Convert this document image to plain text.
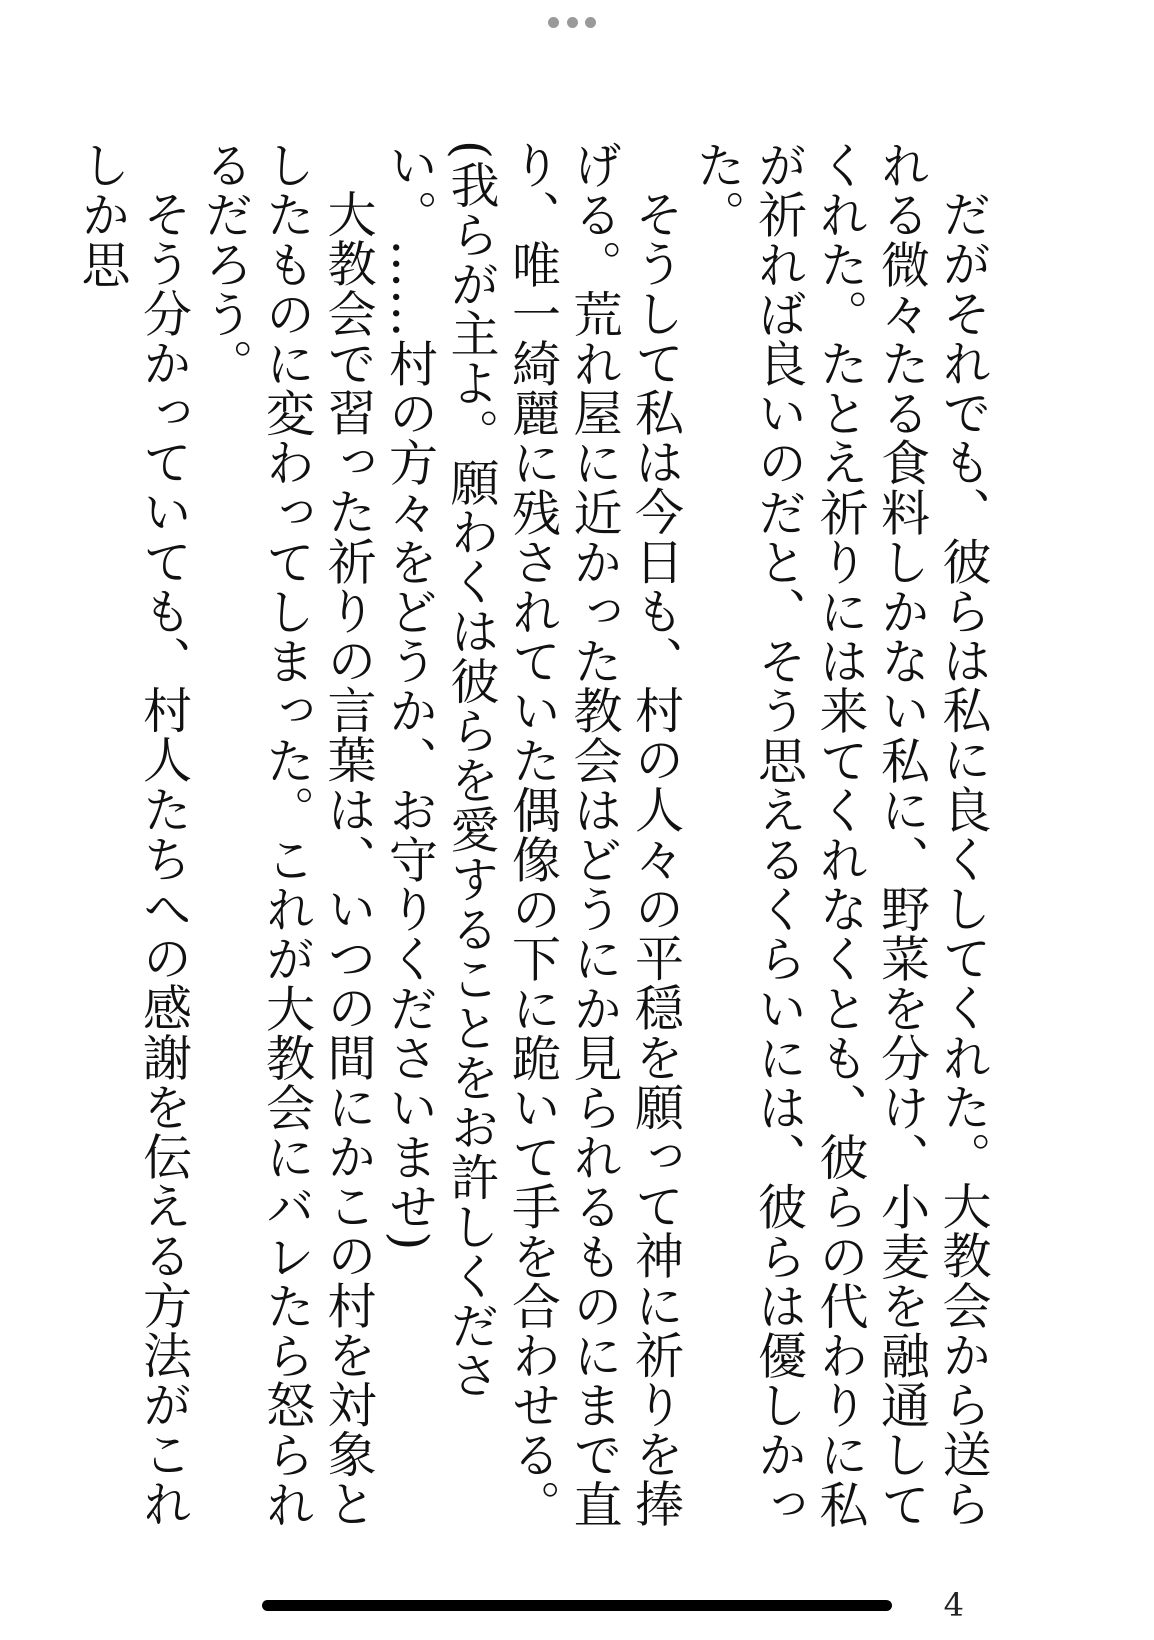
だがそれでも、彼らは私に良くしてくれた。大教会から送られる微々たる食料しかない私に、野菜を分け、小麦を融通してくれた。たとえ祈りには来てくれなくとも、彼らの代わりに私が祈れば良いのだと、そう思えるくらいには、彼らは優しかった。

そうして私は今日も、村の人々の平穏を願って神に祈りを捧げる。荒れ屋に近かった教会はどうにか見られるものにまで直り、唯一綺麗に残されていた偶像の下に跪いて手を合わせる。

(我らが主よ。願わくは彼らを愛することをお許しください。……村の方々をどうか、お守りくださいませ)

大教会で習った祈りの言葉は、いつの間にかこの村を対象としたものに変わってしまった。これが大教会にバレたら怒られるだろう。

そう分かっていても、村人たちへの感謝を伝える方法がこれしか思

4
